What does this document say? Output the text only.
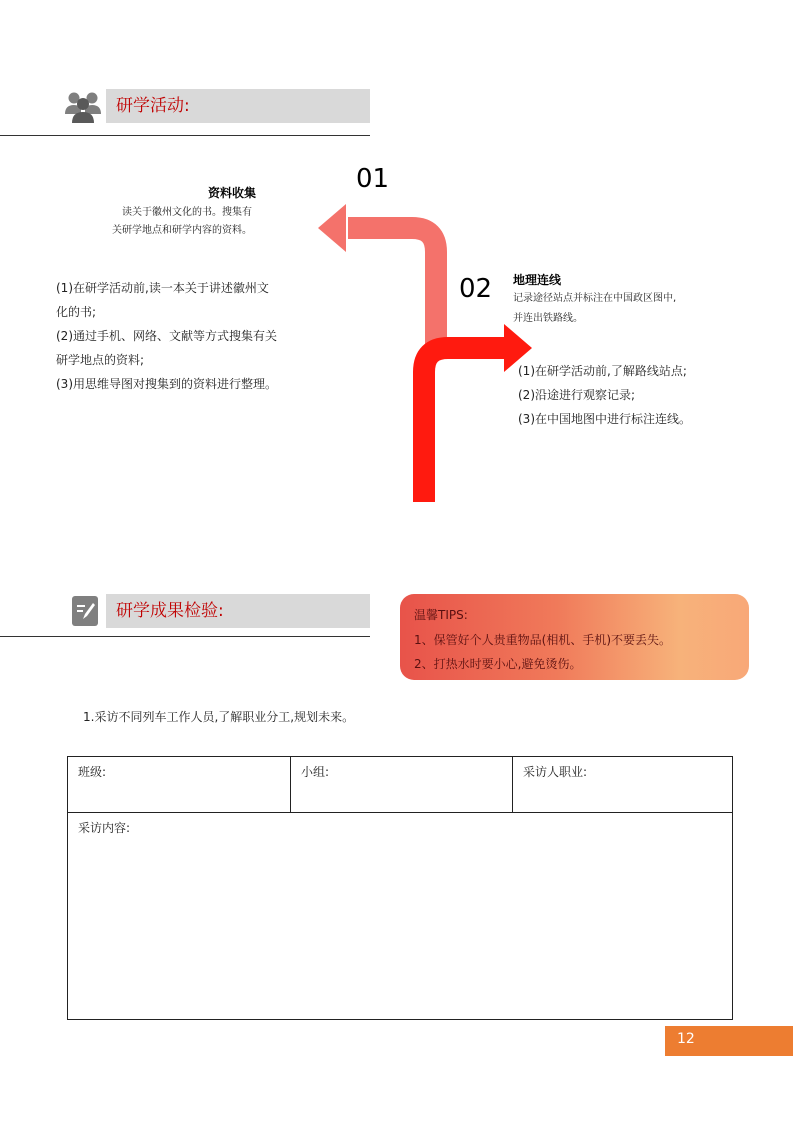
研学活动:
01
资料收集
读关于徽州文化的书。搜集有
关研学地点和研学内容的资料。
(1)在研学活动前,读一本关于讲述徽州文
化的书;
(2)通过手机、网络、文献等方式搜集有关
研学地点的资料;
(3)用思维导图对搜集到的资料进行整理。
02 地理连线
记录途径站点并标注在中国政区图中,
并连出铁路线。
(1)在研学活动前,了解路线站点;
(2)沿途进行观察记录;
(3)在中国地图中进行标注连线。
研学成果检验:	温馨TIPS:
1、保管好个人贵重物品(相机、手机)不要丢失。
2、打热水时要小心,避免烫伤。
1.采访不同列车工作人员,了解职业分工,规划未来。
班级:	小组:	采访人职业:
采访内容:
12
